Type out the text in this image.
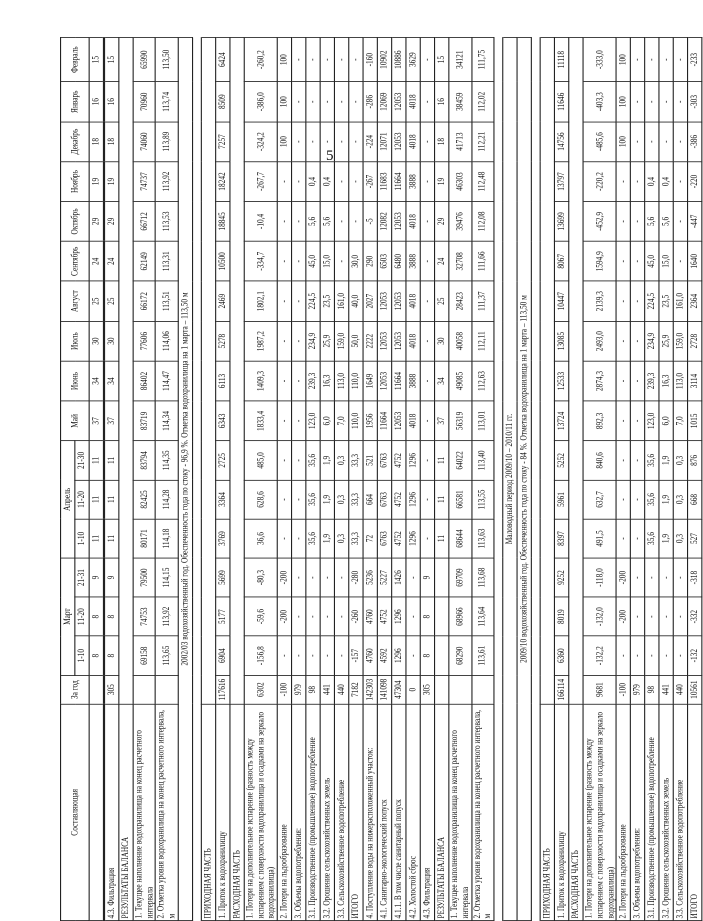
5
Составляющая	За год	Март			Апрель			Май	Июнь	Июль	Август	Сентябрь	Октябрь	Ноябрь	Декабрь	Январь	Февраль
		1-10	11-20	21-31	1-10	11-20	21-30										
		8	8	9	11	11	11	37	34	30	25	24	29	19	18	16	15
4.3. Фильтрация	305	8	8	9	11	11	11	37	34	30	25	24	29	19	18	16	15
РЕЗУЛЬТАТЫ БАЛАНСА																	
1. Текущее наполнение водохранилища на конец расчетного интервала		69158	74753	79500	80171	82425	83794	83719	86402	77606	66172	62149	66712	74737	74060	70960	65990
2. Отметка уровня водохранилища на конец расчетного интервала, м		113,65	113,92	114,15	114,18	114,28	114,35	114,34	114,47	114,06	113,51	113,31	113,53	113,92	113,89	113,74	113,50
2002/03 водохозяйственный год. Обеспеченность года по стоку - 96,9 %. Отметка водохранилища на 1 марта – 113,50 м																	

ПРИХОДНАЯ ЧАСТЬ																	
1. Приток к водохранилищу	117616	6904	5177	5699	3769	3364	2725	6343	6113	5278	2469	10500	18845	18242	7257	8509	6424
РАСХОДНАЯ ЧАСТЬ																	
1. Потери на дополнительное испарение (разность между испарением с поверхности водохранилища и осадками на зеркало водохранилища)	6302	-156,8	-59,6	-80,3	36,6	628,6	485,0	1833,4	1409,3	1987,2	1802,1	-334,7	-10,4	-267,7	-324,2	-386,0	-260,2
2. Потери на льдообразование	-100	-	-200	-200	-	-	-	-	-	-	-	-	-	-	100	100	100
3. Объемы водопотребления:	979	-	-	-	-	-	-	-	-	-	-	-	-	-	-	-	-
3.1. Производственное (промышленное) водопотребление	98	-	-	-	35,6	35,6	35,6	123,0	239,3	234,9	224,5	45,0	5,6	0,4	-	-	-
3.2. Орошение сельскохозяйственных земель	441	-	-	-	1,9	1,9	1,9	6,0	16,3	25,9	23,5	15,0	5,6	0,4	-	-	-
3.3. Сельскохозяйственное водопотребление	440	-	-	-	0,3	0,3	0,3	7,0	113,0	159,0	161,0	-	-	-	-	-	-
ИТОГО	7182	-157	-260	-280	33,3	33,3	33,3	110,0	110,0	50,0	40,0	30,0	-	-	-	-	-
4. Поступление воды на нижерасположенный участок:	142303	4760	4760	5236	72	664	521	1956	1649	2222	2027	290	-5	-267	-224	-286	-160
4.1. Санитарно-экологический попуск	141098	4592	4752	5227	6763	6763	6763	11664	12053	12053	12053	6503	12082	11683	12071	12069	10902
4.1.1. В том числе санитарный попуск	47304	1296	1296	1426	4752	4752	4752	12053	11664	12053	12053	6480	12053	11664	12053	12053	10886
4.2. Холостой сброс	0	-	-	-	1296	1296	1296	4018	3888	4018	4018	3888	4018	3888	4018	4018	3629
4.3. Фильтрация	305	8	8	9	-	-	-	-	-	-	-	-	-	-	-	-	-
РЕЗУЛЬТАТЫ БАЛАНСА					11	11	11	37	34	30	25	24	29	19	18	16	15
1. Текущее наполнение водохранилища на конец расчетного интервала		68290	68966	69709	68644	66581	64022	56319	49085	40058	28423	32708	39476	46303	41713	38459	34121
2. Отметка уровня водохранилища на конец расчетного интервала, м		113,61	113,64	113,68	113,63	113,55	113,40	113,01	112,63	112,11	111,37	111,66	112,08	112,48	112,21	112,02	111,75

Маловодный период 2009/10 – 2010/11 гг.																	
2009/10 водохозяйственный год. Обеспеченность года по стоку - 84 %. Отметка водохранилища на 1 марта – 113,50 м																	

ПРИХОДНАЯ ЧАСТЬ																	
1. Приток к водохранилищу	166114	6360	8019	9252	8397	5961	5252	13724	12533	13085	10447	8067	13699	13797	14756	11646	11118
РАСХОДНАЯ ЧАСТЬ																	
1. Потери на дополнительное испарение (разность между испарением с поверхности водохранилища и осадками на зеркало водохранилища)	9681	-132,2	-132,0	-118,0	491,5	632,7	840,6	892,3	2874,3	2493,0	2139,3	1594,9	-452,9	-220,2	-485,6	-403,3	-333,0
2. Потери на льдообразование	-100	-	-200	-200	-	-	-	-	-	-	-	-	-	-	100	100	100
3. Объемы водопотребления:	979	-	-	-	-	-	-	-	-	-	-	-	-	-	-	-	-
3.1. Производственное (промышленное) водопотребление	98	-	-	-	35,6	35,6	35,6	123,0	239,3	234,9	224,5	45,0	5,6	0,4	-	-	-
3.2. Орошение сельскохозяйственных земель	441	-	-	-	1,9	1,9	1,9	6,0	16,3	25,9	23,5	15,0	5,6	0,4	-	-	-
3.3. Сельскохозяйственное водопотребление	440	-	-	-	0,3	0,3	0,3	7,0	113,0	159,0	161,0	-	-	-	-	-	-
ИТОГО	10561	-132	-332	-318	527	668	876	1015	3114	2728	2364	1640	-447	-220	-386	-303	-233
